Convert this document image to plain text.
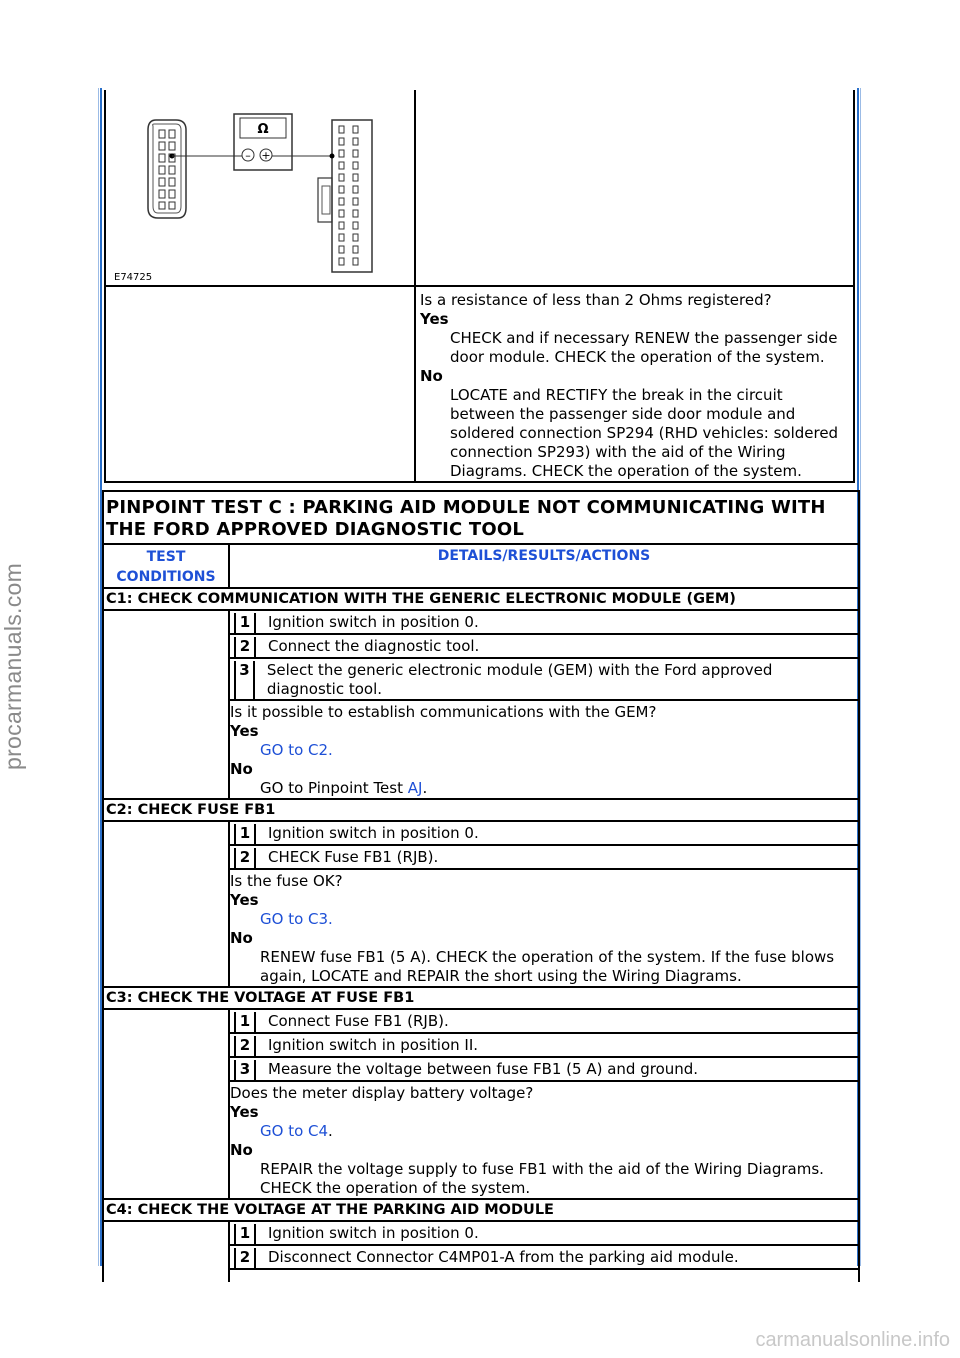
procarmanuals.com
carmanualsonline.info
Ω
– +
E74725

Is a resistance of less than 2 Ohms registered?

Yes
CHECK and if necessary RENEW the passenger side door module. CHECK the operation of the system.
No
LOCATE and RECTIFY the break in the circuit between the passenger side door module and soldered connection SP294 (RHD vehicles: soldered connection SP293) with the aid of the Wiring Diagrams. CHECK the operation of the system.
PINPOINT TEST C : PARKING AID MODULE NOT COMMUNICATING WITH THE FORD APPROVED DIAGNOSTIC TOOL
TEST CONDITIONS
DETAILS/RESULTS/ACTIONS
C1: CHECK COMMUNICATION WITH THE GENERIC ELECTRONIC MODULE (GEM)
1	Ignition switch in position 0.
2	Connect the diagnostic tool.
3	Select the generic electronic module (GEM) with the Ford approved diagnostic tool.
Is it possible to establish communications with the GEM?
Yes
GO to C2.
No
GO to Pinpoint Test AJ.
C2: CHECK FUSE FB1
1	Ignition switch in position 0.
2	CHECK Fuse FB1 (RJB).
Is the fuse OK?
Yes
GO to C3.
No
RENEW fuse FB1 (5 A). CHECK the operation of the system. If the fuse blows again, LOCATE and REPAIR the short using the Wiring Diagrams.
C3: CHECK THE VOLTAGE AT FUSE FB1
1	Connect Fuse FB1 (RJB).
2	Ignition switch in position II.
3	Measure the voltage between fuse FB1 (5 A) and ground.
Does the meter display battery voltage?
Yes
GO to C4.
No
REPAIR the voltage supply to fuse FB1 with the aid of the Wiring Diagrams. CHECK the operation of the system.
C4: CHECK THE VOLTAGE AT THE PARKING AID MODULE
1	Ignition switch in position 0.
2	Disconnect Connector C4MP01-A from the parking aid module.
